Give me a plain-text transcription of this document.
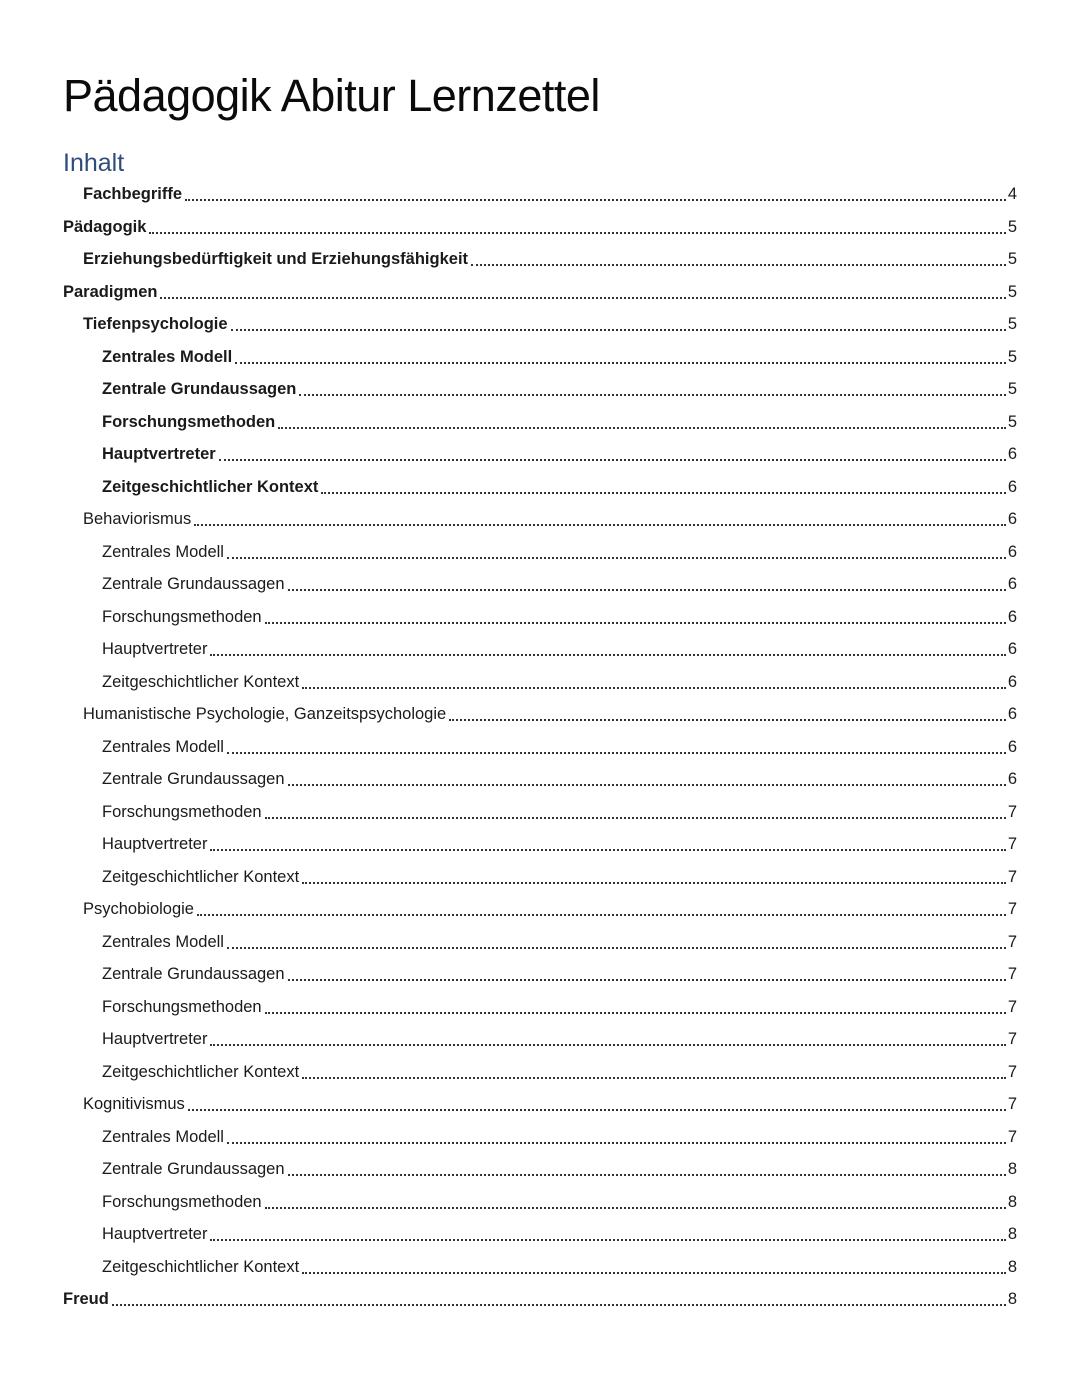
Pädagogik Abitur Lernzettel
Inhalt
Fachbegriffe	4
Pädagogik	5
Erziehungsbedürftigkeit und Erziehungsfähigkeit	5
Paradigmen	5
Tiefenpsychologie	5
Zentrales Modell	5
Zentrale Grundaussagen	5
Forschungsmethoden	5
Hauptvertreter	6
Zeitgeschichtlicher Kontext	6
Behaviorismus	6
Zentrales Modell	6
Zentrale Grundaussagen	6
Forschungsmethoden	6
Hauptvertreter	6
Zeitgeschichtlicher Kontext	6
Humanistische Psychologie, Ganzeitspsychologie	6
Zentrales Modell	6
Zentrale Grundaussagen	6
Forschungsmethoden	7
Hauptvertreter	7
Zeitgeschichtlicher Kontext	7
Psychobiologie	7
Zentrales Modell	7
Zentrale Grundaussagen	7
Forschungsmethoden	7
Hauptvertreter	7
Zeitgeschichtlicher Kontext	7
Kognitivismus	7
Zentrales Modell	7
Zentrale Grundaussagen	8
Forschungsmethoden	8
Hauptvertreter	8
Zeitgeschichtlicher Kontext	8
Freud	8
